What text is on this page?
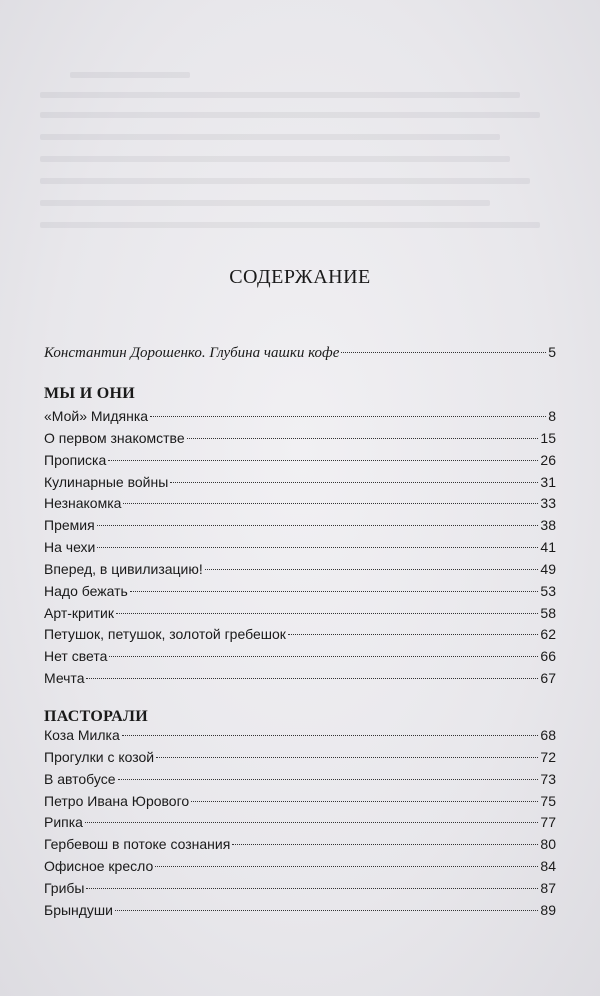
СОДЕРЖАНИЕ
Константин Дорошенко. Глубина чашки кофе	5
МЫ И ОНИ
«Мой» Мидянка	8
О первом знакомстве	15
Прописка	26
Кулинарные войны	31
Незнакомка	33
Премия	38
На чехи	41
Вперед, в цивилизацию!	49
Надо бежать	53
Арт-критик	58
Петушок, петушок, золотой гребешок	62
Нет света	66
Мечта	67
ПАСТОРАЛИ
Коза Милка	68
Прогулки с козой	72
В автобусе	73
Петро Ивана Юрового	75
Рипка	77
Гербевош в потоке сознания	80
Офисное кресло	84
Грибы	87
Брындуши	89
